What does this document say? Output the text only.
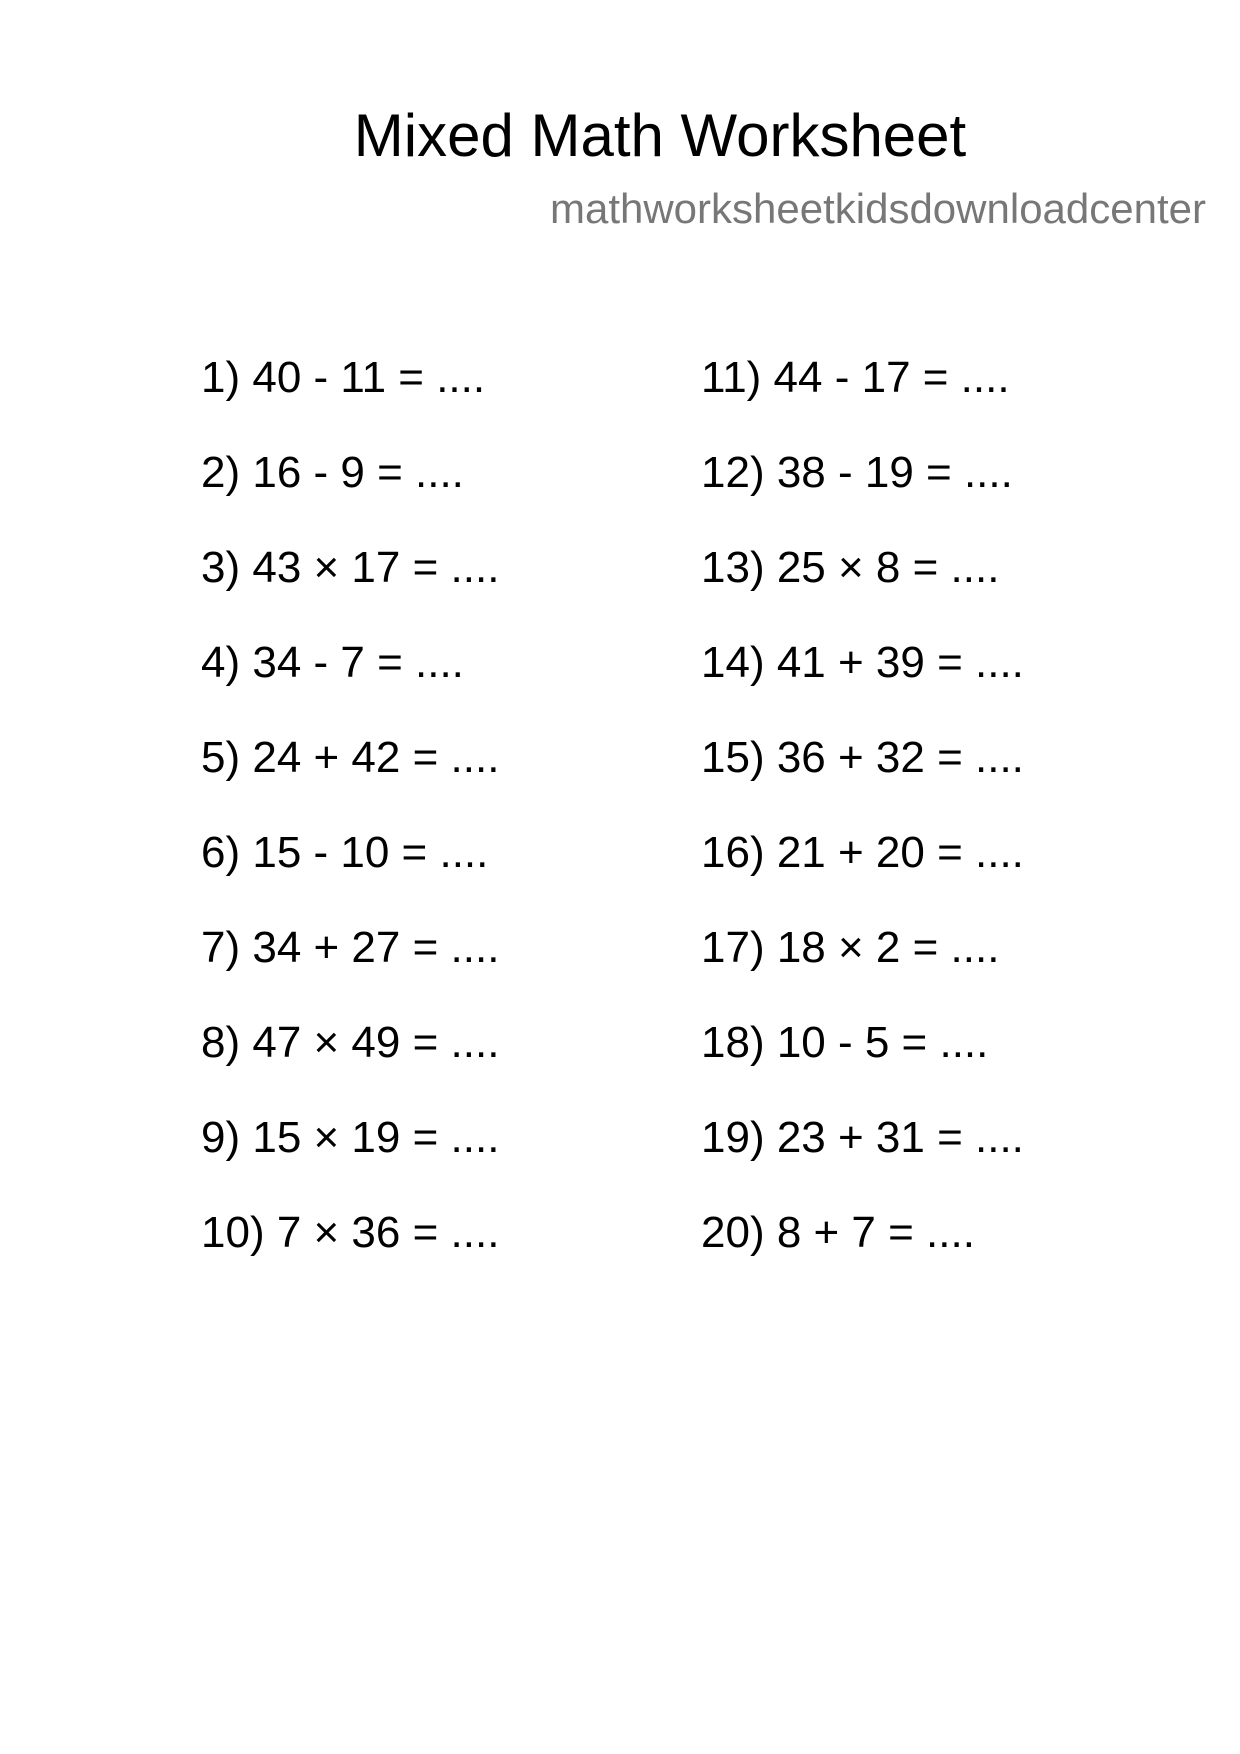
Mixed Math Worksheet
mathworksheetkidsdownloadcenter
1) 40 - 11 = ....
2) 16 - 9 = ....
3) 43 × 17 = ....
4) 34 - 7 = ....
5) 24 + 42 = ....
6) 15 - 10 = ....
7) 34 + 27 = ....
8) 47 × 49 = ....
9) 15 × 19 = ....
10) 7 × 36 = ....
11) 44 - 17 = ....
12) 38 - 19 = ....
13) 25 × 8 = ....
14) 41 + 39 = ....
15) 36 + 32 = ....
16) 21 + 20 = ....
17) 18 × 2 = ....
18) 10 - 5 = ....
19) 23 + 31 = ....
20) 8 + 7 = ....
